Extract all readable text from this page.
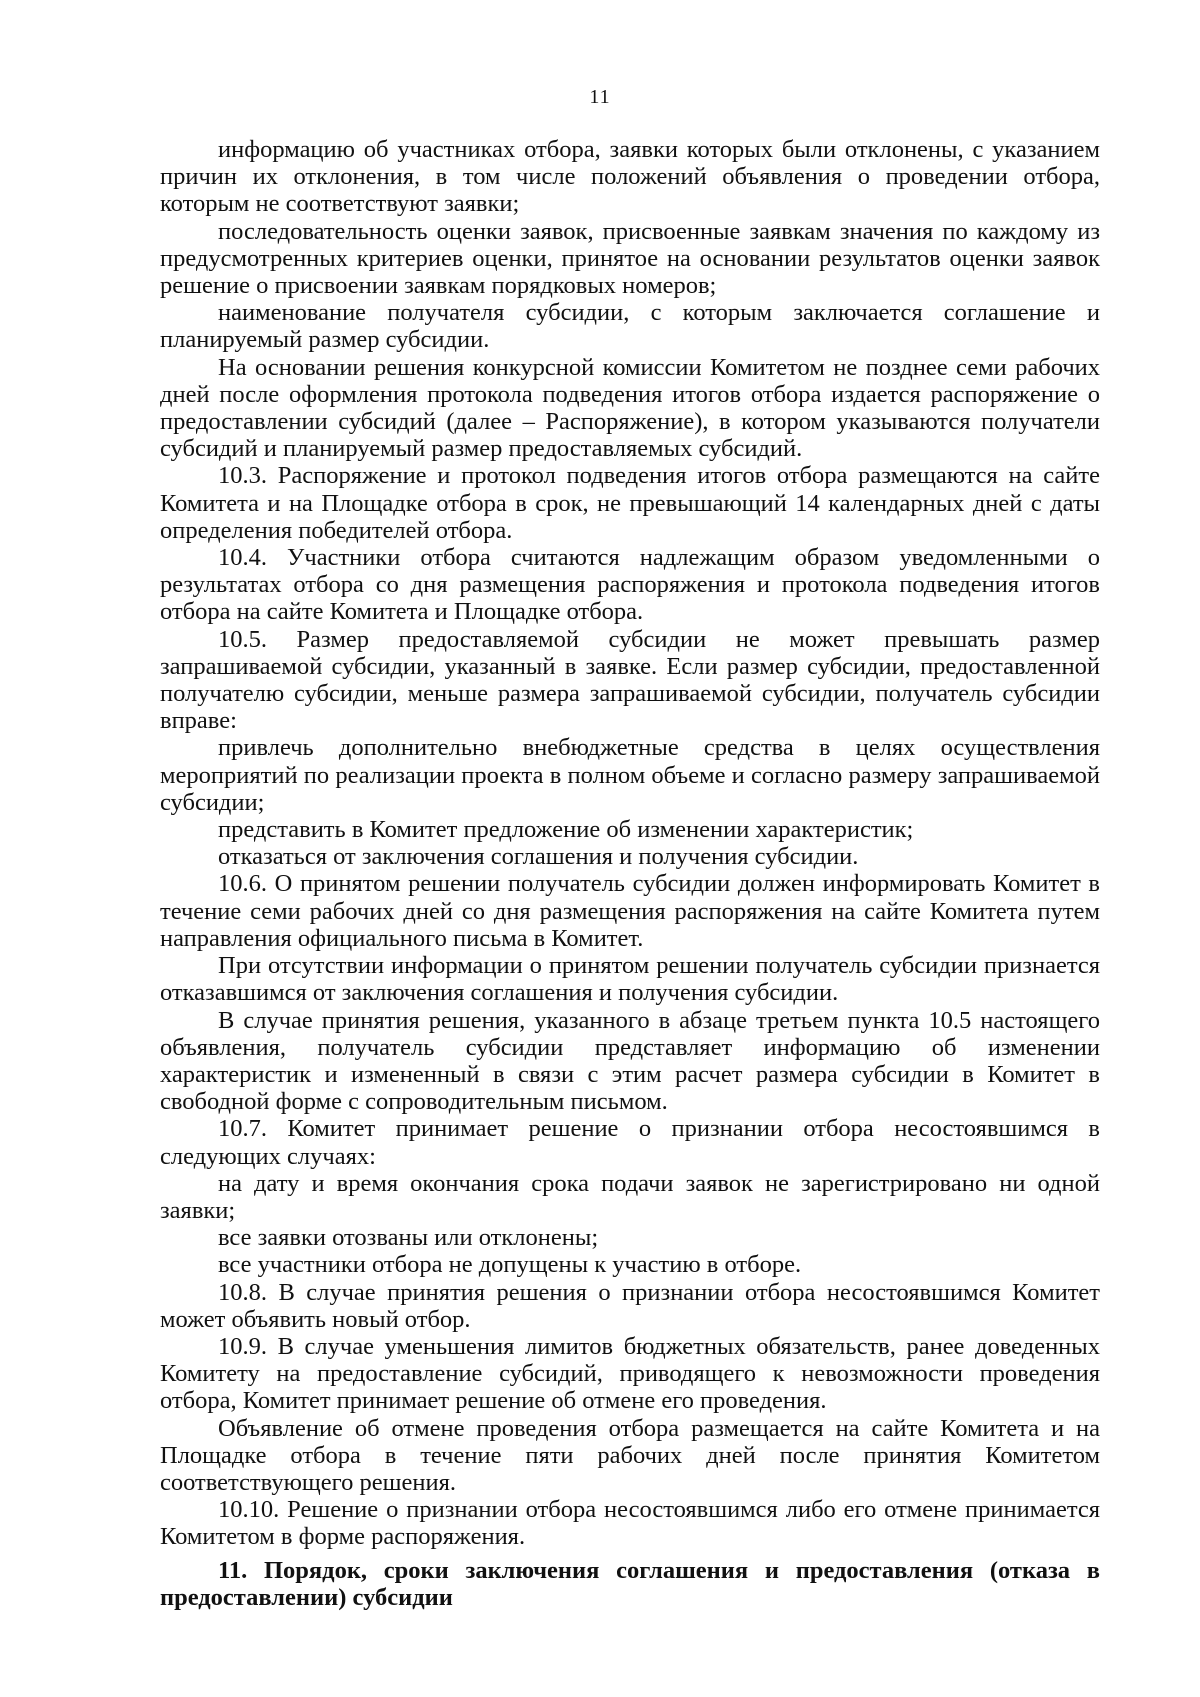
11

информацию об участниках отбора, заявки которых были отклонены, с указанием причин их отклонения, в том числе положений объявления о проведении отбора, которым не соответствуют заявки;

последовательность оценки заявок, присвоенные заявкам значения по каждому из предусмотренных критериев оценки, принятое на основании результатов оценки заявок решение о присвоении заявкам порядковых номеров;

наименование получателя субсидии, с которым заключается соглашение и планируемый размер субсидии.

На основании решения конкурсной комиссии Комитетом не позднее семи рабочих дней после оформления протокола подведения итогов отбора издается распоряжение о предоставлении субсидий (далее – Распоряжение), в котором указываются получатели субсидий и планируемый размер предоставляемых субсидий.

10.3. Распоряжение и протокол подведения итогов отбора размещаются на сайте Комитета и на Площадке отбора в срок, не превышающий 14 календарных дней с даты определения победителей отбора.

10.4. Участники отбора считаются надлежащим образом уведомленными о результатах отбора со дня размещения распоряжения и протокола подведения итогов отбора на сайте Комитета и Площадке отбора.

10.5. Размер предоставляемой субсидии не может превышать размер запрашиваемой субсидии, указанный в заявке. Если размер субсидии, предоставленной получателю субсидии, меньше размера запрашиваемой субсидии, получатель субсидии вправе:

привлечь дополнительно внебюджетные средства в целях осуществления мероприятий по реализации проекта в полном объеме и согласно размеру запрашиваемой субсидии;

представить в Комитет предложение об изменении характеристик;

отказаться от заключения соглашения и получения субсидии.

10.6. О принятом решении получатель субсидии должен информировать Комитет в течение семи рабочих дней со дня размещения распоряжения на сайте Комитета путем направления официального письма в Комитет.

При отсутствии информации о принятом решении получатель субсидии признается отказавшимся от заключения соглашения и получения субсидии.

В случае принятия решения, указанного в абзаце третьем пункта 10.5 настоящего объявления, получатель субсидии представляет информацию об изменении характеристик и измененный в связи с этим расчет размера субсидии в Комитет в свободной форме с сопроводительным письмом.

10.7. Комитет принимает решение о признании отбора несостоявшимся в следующих случаях:

на дату и время окончания срока подачи заявок не зарегистрировано ни одной заявки;

все заявки отозваны или отклонены;

все участники отбора не допущены к участию в отборе.

10.8. В случае принятия решения о признании отбора несостоявшимся Комитет может объявить новый отбор.

10.9. В случае уменьшения лимитов бюджетных обязательств, ранее доведенных Комитету на предоставление субсидий, приводящего к невозможности проведения отбора, Комитет принимает решение об отмене его проведения.

Объявление об отмене проведения отбора размещается на сайте Комитета и на Площадке отбора в течение пяти рабочих дней после принятия Комитетом соответствующего решения.

10.10. Решение о признании отбора несостоявшимся либо его отмене принимается Комитетом в форме распоряжения.

11. Порядок, сроки заключения соглашения и предоставления (отказа в предоставлении) субсидии
